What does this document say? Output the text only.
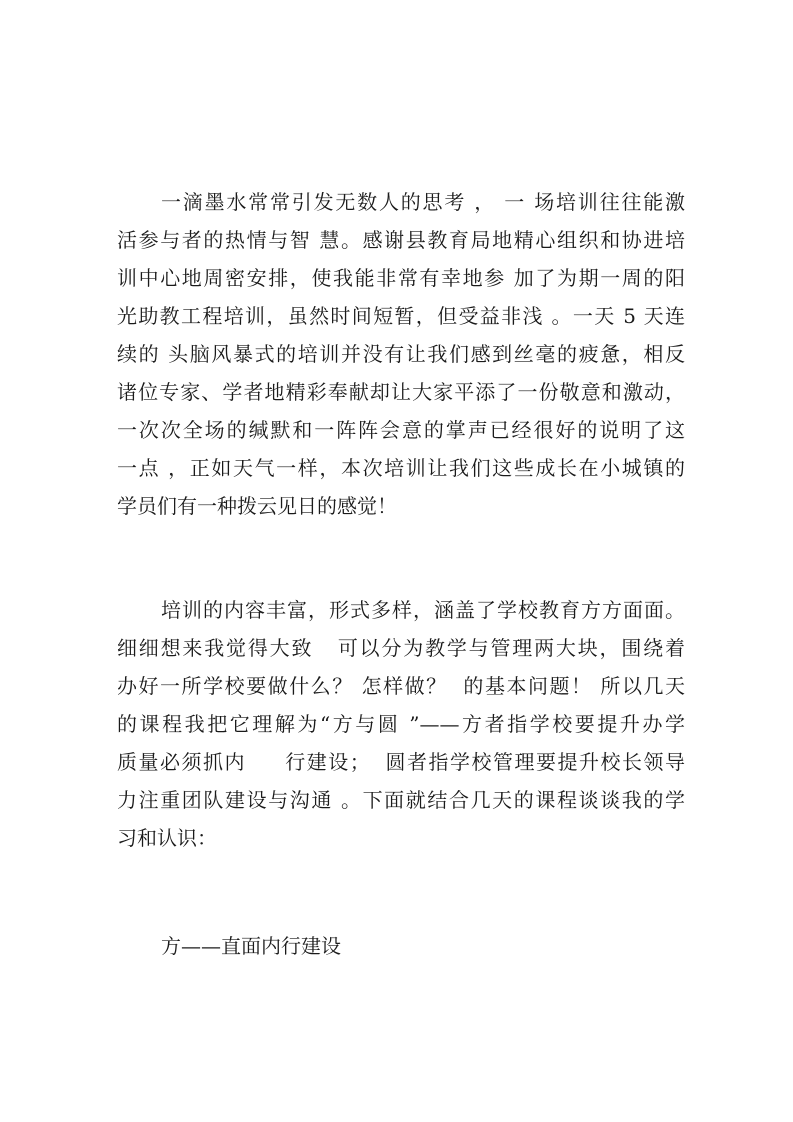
一滴墨水常常引发无数人的思考 ， 一 场培训往往能激
活参与者的热情与智 慧。感谢县教育局地精心组织和协进培
训中心地周密安排，使我能非常有幸地参 加了为期一周的阳
光助教工程培训，虽然时间短暂，但受益非浅 。一天 5 天连
续的 头脑风暴式的培训并没有让我们感到丝毫的疲惫，相反
诸位专家、学者地精彩奉献却让大家平添了一份敬意和激动，
一次次全场的缄默和一阵阵会意的掌声已经很好的说明了这
一点 ，正如天气一样，本次培训让我们这些成长在小城镇的
学员们有一种拨云见日的感觉！
培训的内容丰富，形式多样，涵盖了学校教育方方面面。
细细想来我觉得大致   可以分为教学与管理两大块，围绕着
办好一所学校要做什么？ 怎样做？  的基本问题！ 所以几天
的课程我把它理解为“方与圆 ”——方者指学校要提升办学
质量必须抓内     行建设；  圆者指学校管理要提升校长领导
力注重团队建设与沟通 。下面就结合几天的课程谈谈我的学
习和认识：
方——直面内行建设
